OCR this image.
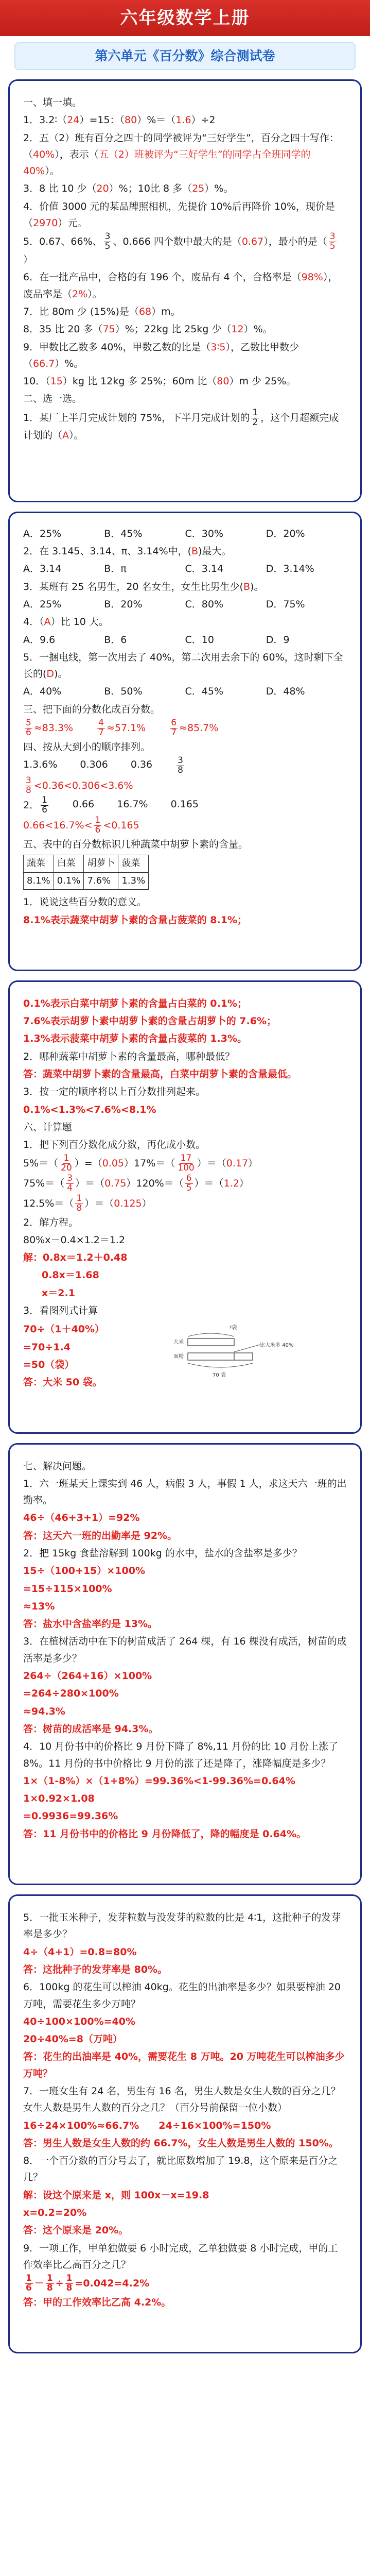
六年级数学上册
第六单元《百分数》综合测试卷

一、填一填。

1．3.2∶（24）=15：（80）%＝（1.6）÷2

2．五（2）班有百分之四十的同学被评为“三好学生”，百分之四十写作：（40%），表示（五（2）班被评为“三好学生”的同学占全班同学的40%）。

3．8 比 10 少（20）%；10比 8 多（25）%。

4．价值 3000 元的某品牌照相机，先提价 10%后再降价 10%，现价是（2970）元。

5．0.67、66%、 $\frac{3}{5}$ 、0.666 四个数中最大的是（0.67），最小的是（ $\frac{3}{5}$
）

6．在一批产品中，合格的有 196 个，废品有 4 个，合格率是（98%），废品率是（2%）。

7．比 80m 少 (15%)是（68）m。

8．35 比 20 多（75）%；22kg 比 25kg 少（12）%。

9．甲数比乙数多 40%，甲数乙数的比是（3∶5），乙数比甲数少（66.7）%。

10．（15）kg 比 12kg 多 25%；60m 比（80）m 少 25%。

二、选一选。

1．某厂上半月完成计划的 75%，下半月完成计划的 $\frac{1}{2}$ ，这个月超额完成计划的（A）。

A．25%	B．45%	C．30%	D．20%

2．在 3.145、3.14、π、3.14%中，(B)最大。

A．3.14	B．π	C．3.14	D．3.14%

3．某班有 25 名男生，20 名女生，女生比男生少(B)。

A．25%	B．20%	C．80%	D．75%

4．（A）比 10 大。

A．9.6	B．6	C．10	D．9

5．一捆电线，第一次用去了 40%，第二次用去余下的 60%，这时剩下全长的(D)。

A．40%	B．50%	C．45%	D．48%

三、把下面的分数化成百分数。

$\frac{5}{6} \approx 83.3\%$	$\frac{4}{7} \approx 57.1\%$	$\frac{6}{7} \approx 85.7\%$

四、按从大到小的顺序排列。

1.3.6% 0.306 0.36	$\frac{3}{8}$

$\frac{3}{8} <0.36<0.306<3.6\%$

2． $\frac{1}{6} 0.66$ 16.7% 0.165

$0.66<16.7\%< \frac{1}{6} <0.165$

五、表中的百分数标识几种蔬菜中胡萝卜素的含量。

蔬菜	白菜	胡萝卜	菠菜
8.1%	0.1%	7.6%	1.3%

1．说说这些百分数的意义。

8.1%表示蔬菜中胡萝卜素的含量占菠菜的 8.1%；

0.1%表示白菜中胡萝卜素的含量占白菜的 0.1%；

7.6%表示胡萝卜素中胡萝卜素的含量占胡萝卜的 7.6%；

1.3%表示菠菜中胡萝卜素的含量占菠菜的 1.3%。

2．哪种蔬菜中胡萝卜素的含量最高，哪种最低？

答：蔬菜中胡萝卜素的含量最高，白菜中胡萝卜素的含量最低。

3．按一定的顺序将以上百分数排列起来。

0.1%<1.3%<7.6%<8.1%

六、计算题

1．把下列百分数化成分数，再化成小数。

$5\%=( \frac{1}{20} )=(0.05)17\%=( \frac{17}{100} )=(0.17)$

$75\%=( \frac{3}{4} )=(0.75)120\%=( \frac{6}{5} )=(1.2)$

$12.5\%=( \frac{1}{8} )=(0.125)$

2．解方程。

80%x－0.4×1.2＝1.2

解：0.8x＝1.2＋0.48

0.8x＝1.68

x＝2.1

3．看图列式计算

70÷（1＋40%）

=70÷1.4

=50（袋）

答：大米 50 袋。

?袋
大米
面粉
比大米多 40%
70 袋

七、解决问题。

1．六一班某天上课实到 46 人，病假 3 人，事假 1 人，求这天六一班的出勤率。

46÷（46+3+1）=92%

答：这天六一班的出勤率是 92%。

2．把 15kg 食盐溶解到 100kg 的水中，盐水的含盐率是多少？

15÷（100+15）×100%

=15÷115×100%

≈13%

答：盐水中含盐率约是 13%。

3．在植树活动中在下的树苗成活了 264 棵，有 16 棵没有成活，树苗的成活率是多少？

264÷（264+16）×100%

=264÷280×100%

≈94.3%

答：树苗的成活率是 94.3%。

4．10 月份书中的价格比 9 月份下降了 8%,11 月份的比 10 月份上涨了 8%。11 月份的书中价格比 9 月份的涨了还是降了，涨降幅度是多少？

1×（1-8%）×（1+8%）=99.36%<1-99.36%=0.64%

1×0.92×1.08

=0.9936=99.36%

答：11 月份书中的价格比 9 月份降低了，降的幅度是 0.64%。

5．一批玉米种子，发芽粒数与没发芽的粒数的比是 4∶1，这批种子的发芽率是多少？

4÷（4+1）=0.8=80%

答：这批种子的发芽率是 80%。

6．100kg 的花生可以榨油 40kg。花生的出油率是多少？如果要榨油 20 万吨，需要花生多少万吨？

40÷100×100%=40%

20÷40%=8（万吨）

答：花生的出油率是 40%，需要花生 8 万吨。20 万吨花生可以榨油多少万吨？

7．一班女生有 24 名，男生有 16 名，男生人数是女生人数的百分之几？女生人数是男生人数的百分之几？（百分号前保留一位小数）

16÷24×100%≈66.7%　　24÷16×100%=150%

答：男生人数是女生人数的约 66.7%，女生人数是男生人数的 150%。

8．一个百分数的百分号去了，就比原数增加了 19.8，这个原来是百分之几？

解：设这个原来是 x，则 100x－x=19.8

x=0.2=20%

答：这个原来是 20%。

9．一项工作，甲单独做要 6 小时完成，乙单独做要 8 小时完成，甲的工作效率比乙高百分之几？

$\frac{1}{6} - \frac{1}{8} \div \frac{1}{8} =0.042=4.2\%$

答：甲的工作效率比乙高 4.2%。
